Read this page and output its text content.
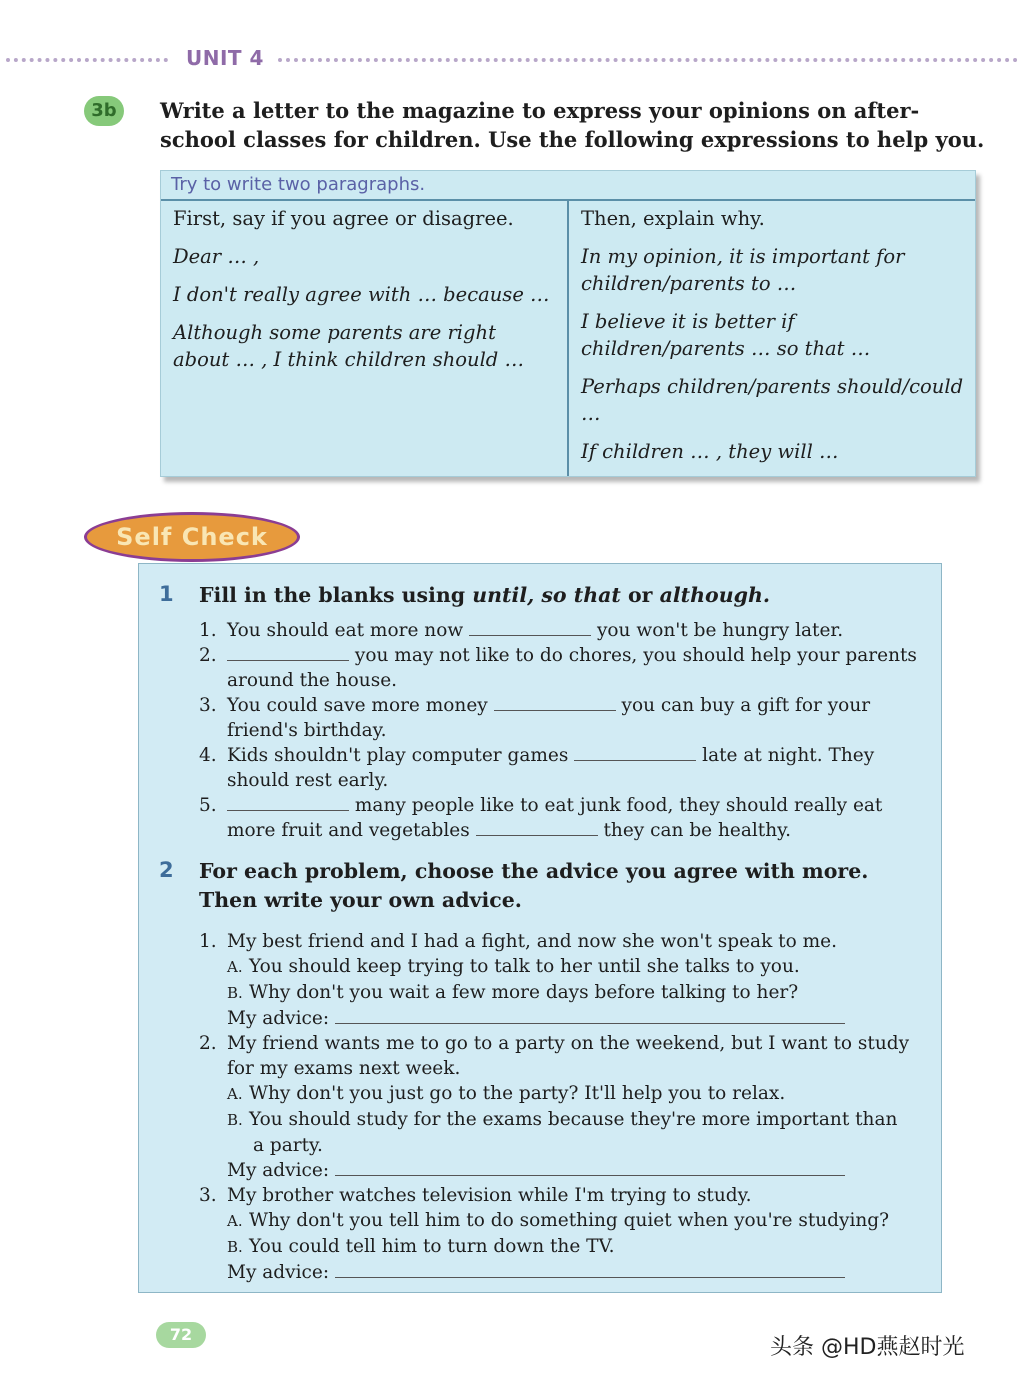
UNIT 4
3b	Write a letter to the magazine to express your opinions on after-school classes for children. Use the following expressions to help you.

Try to write two paragraphs.

First, say if you agree or disagree.

Dear … ,

I don't really agree with … because …

Although some parents are right about … , I think children should …

Then, explain why.

In my opinion, it is important for children/parents to …

I believe it is better if children/parents … so that …

Perhaps children/parents should/could …

If children … , they will …

Self Check
1 Fill in the blanks using until, so that or although.

1. You should eat more now	you won't be hungry later.
2.	you may not like to do chores, you should help your parents
around the house.
3. You could save more money	you can buy a gift for your
friend's birthday.
4. Kids shouldn't play computer games	late at night. They
should rest early.
5.	many people like to eat junk food, they should really eat
more fruit and vegetables	they can be healthy.
2 For each problem, choose the advice you agree with more. Then write your own advice.

1. My best friend and I had a fight, and now she won't speak to me.
A. You should keep trying to talk to her until she talks to you.
B. Why don't you wait a few more days before talking to her?
My advice:
2. My friend wants me to go to a party on the weekend, but I want to study
for my exams next week.
A. Why don't you just go to the party? It'll help you to relax.
B. You should study for the exams because they're more important than
a party.
My advice:
3. My brother watches television while I'm trying to study.
A. Why don't you tell him to do something quiet when you're studying?
B. You could tell him to turn down the TV.
My advice:
72
头条 @HD燕赵时光
